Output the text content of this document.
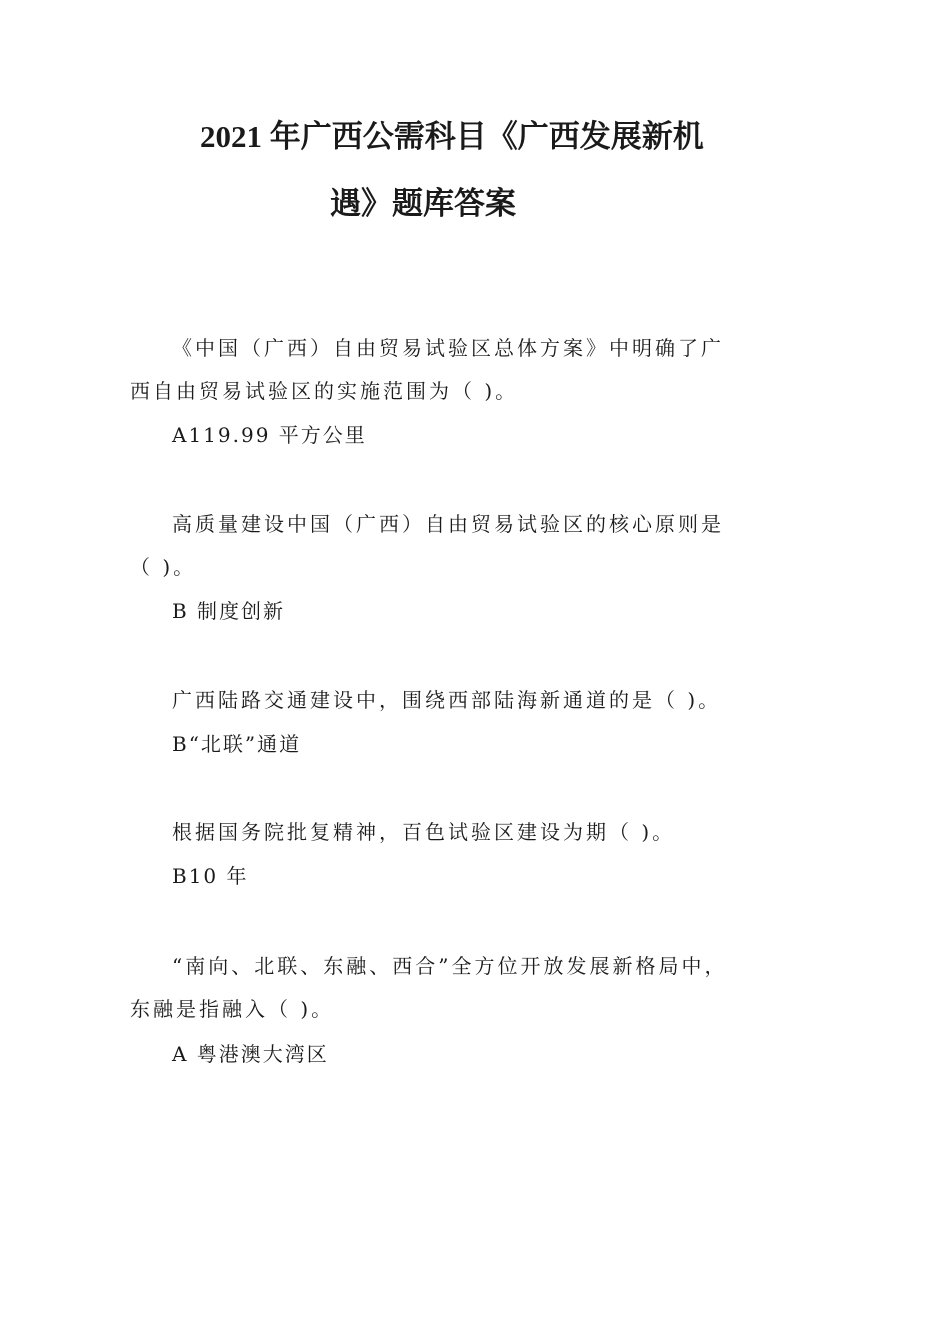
2021 年广西公需科目《广西发展新机
遇》题库答案
《中国（广西）自由贸易试验区总体方案》中明确了广
西自由贸易试验区的实施范围为（ )。
A119.99 平方公里
高质量建设中国（广西）自由贸易试验区的核心原则是
（ )。
B 制度创新
广西陆路交通建设中，围绕西部陆海新通道的是（ )。
B“北联”通道
根据国务院批复精神，百色试验区建设为期（ )。
B10 年
“南向、北联、东融、西合”全方位开放发展新格局中，
东融是指融入（ )。
A 粤港澳大湾区
